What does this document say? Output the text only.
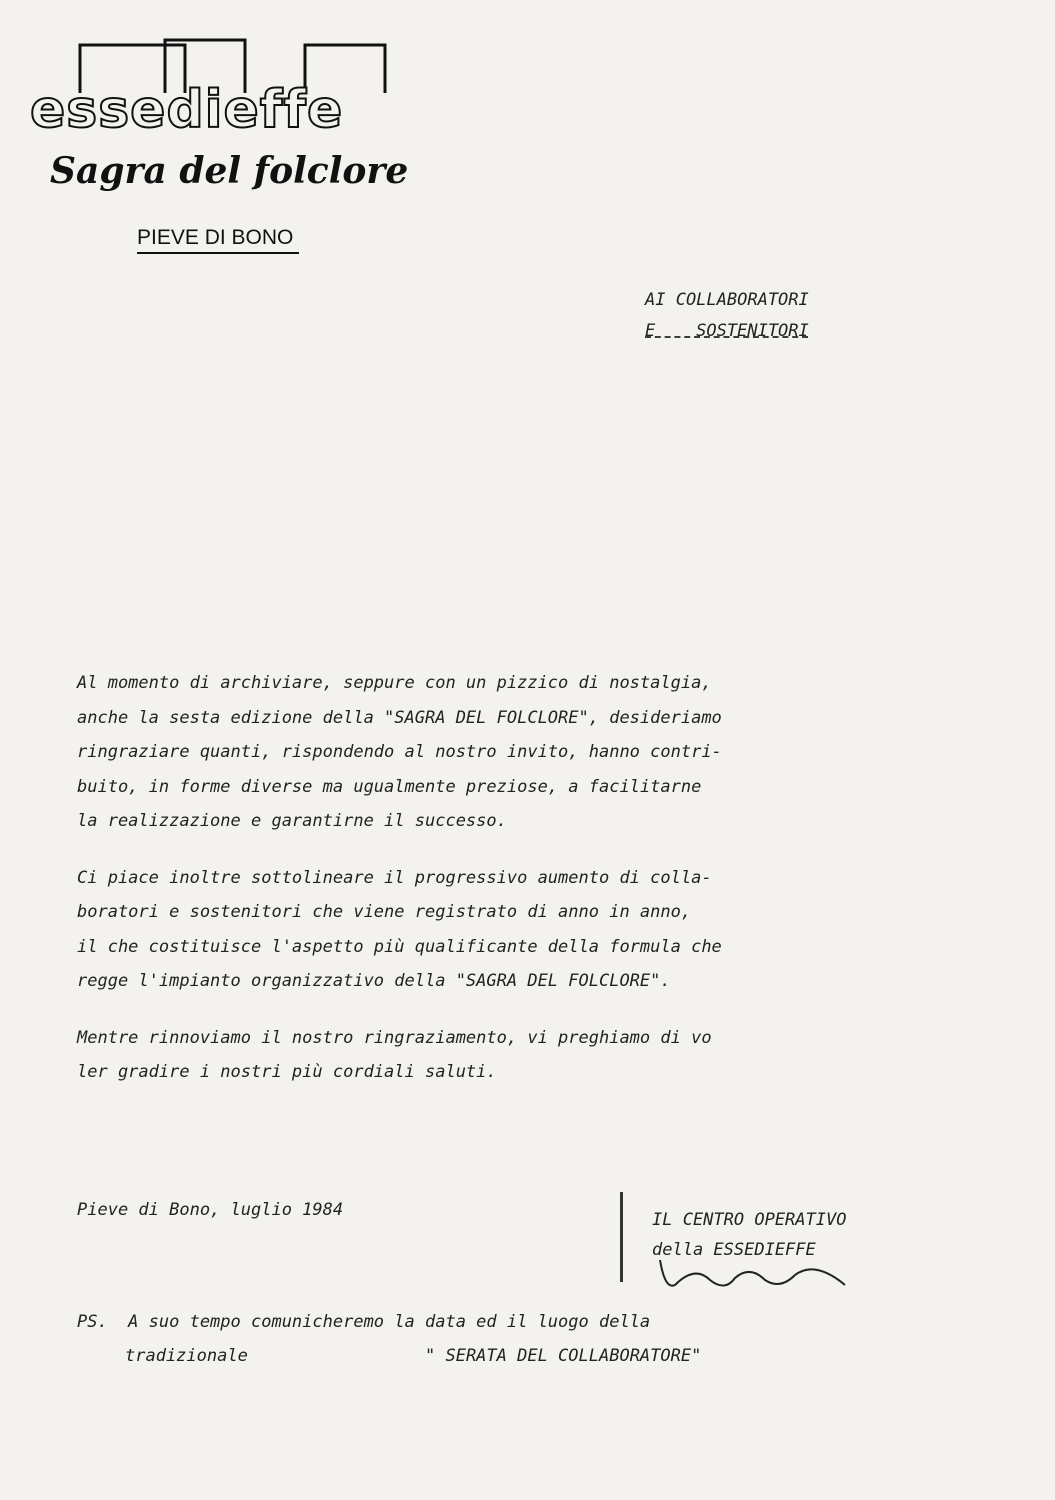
essedieffe
Sagra del folclore
PIEVE DI BONO
AI COLLABORATORI
E    SOSTENITORI

Al momento di archiviare, seppure con un pizzico di nostalgia,
anche la sesta edizione della "SAGRA DEL FOLCLORE", desideriamo
ringraziare quanti, rispondendo al nostro invito, hanno contri-
buito, in forme diverse ma ugualmente preziose, a facilitarne
la realizzazione e garantirne il successo.

Ci piace inoltre sottolineare il progressivo aumento di colla-
boratori e sostenitori che viene registrato di anno in anno,
il che costituisce l'aspetto più qualificante della formula che
regge l'impianto organizzativo della "SAGRA DEL FOLCLORE".

Mentre rinnoviamo il nostro ringraziamento, vi preghiamo di vo
ler gradire i nostri più cordiali saluti.

Pieve di Bono, luglio 1984	IL CENTRO OPERATIVO
della ESSEDIEFFE
PS.  A suo tempo comunicheremo la data ed il luogo della
tradizionale	" SERATA DEL COLLABORATORE"
